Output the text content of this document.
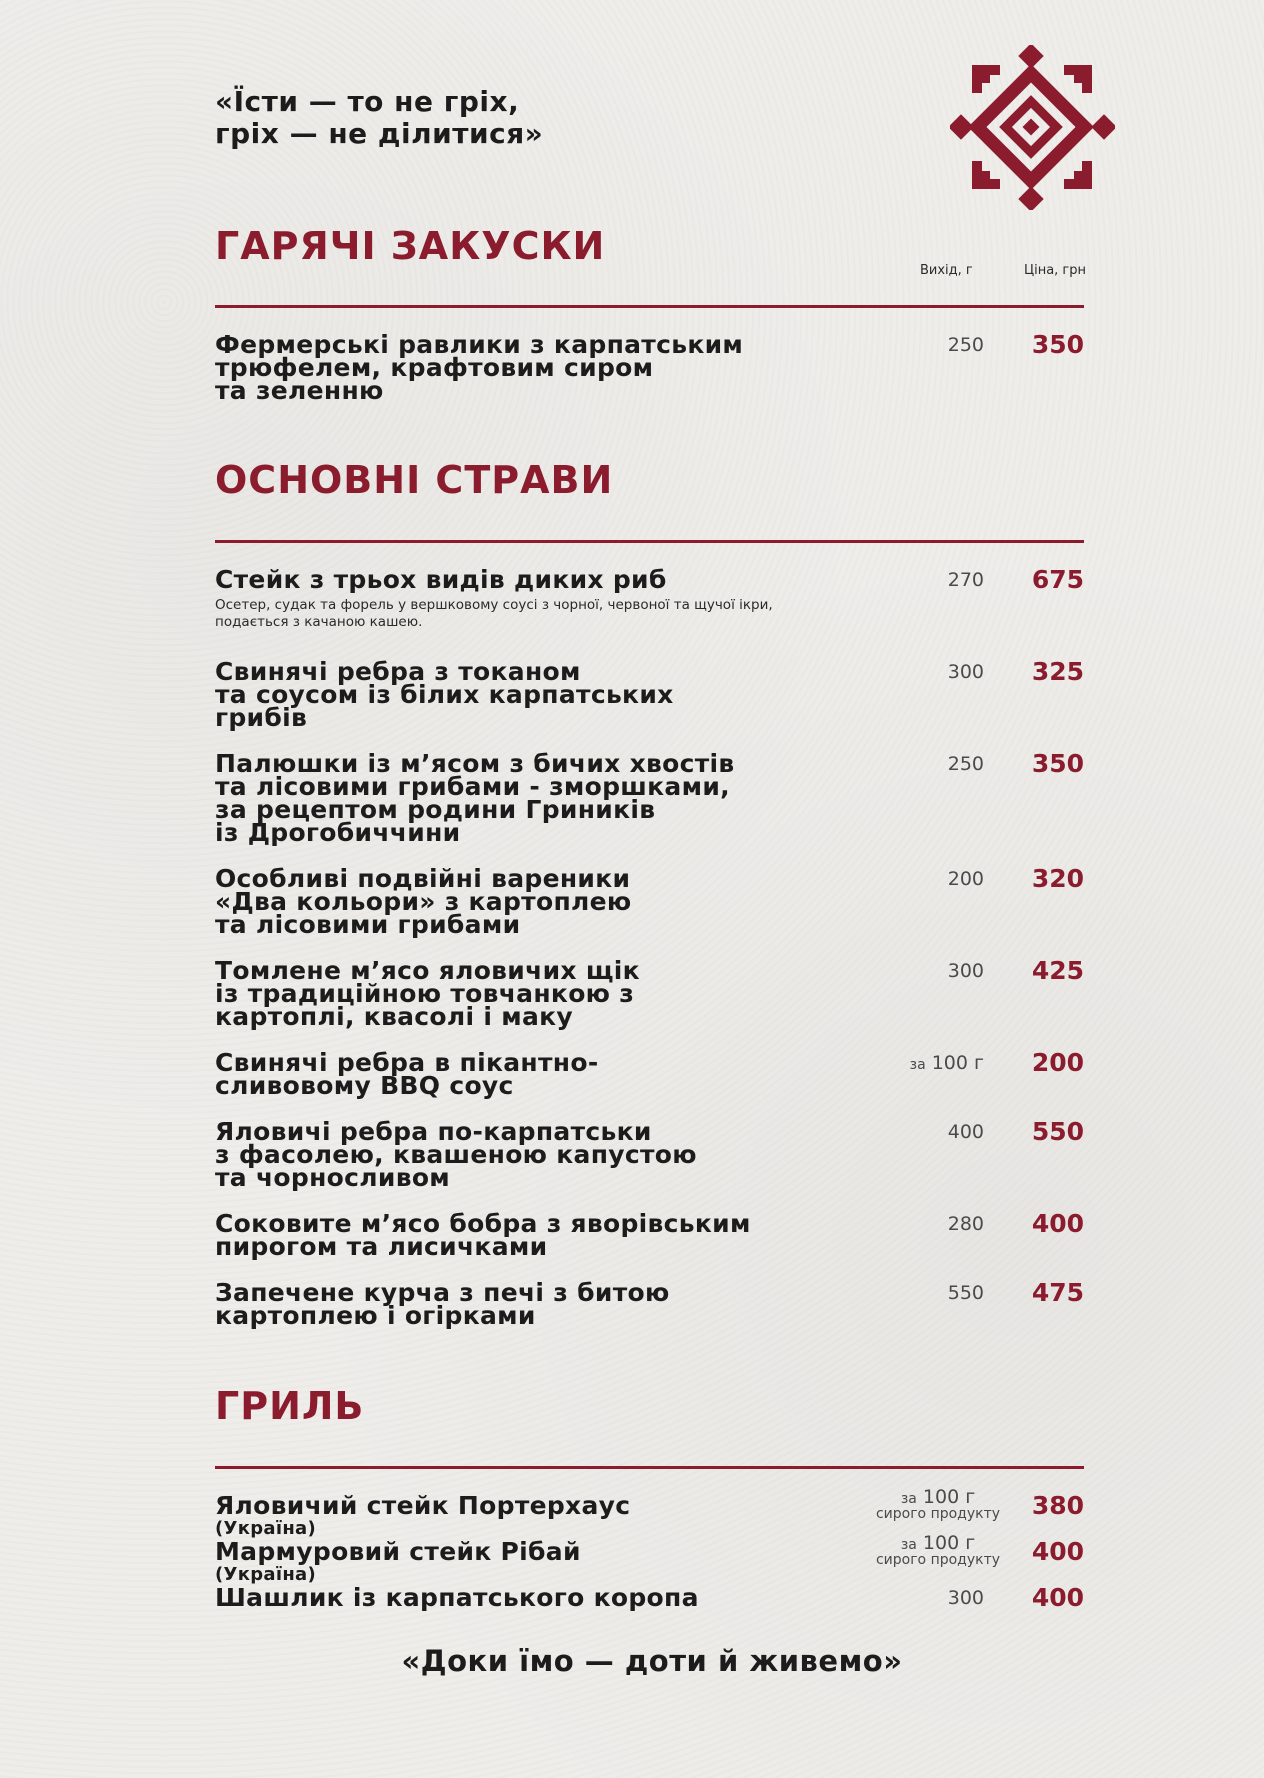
«Їсти — то не гріх,
гріх — не ділитися»
ГАРЯЧІ ЗАКУСКИ
Вихід, г	Ціна, грн
Фермерські равлики з карпатським
трюфелем, крафтовим сиром
та зеленню
250	350
ОСНОВНІ СТРАВИ
Стейк з трьох видів диких риб
Осетер, судак та форель у вершковому соусі з чорної, червоної та щучої ікри,
подається з качаною кашею.
270	675
Свинячі ребра з токаном
та соусом із білих карпатських
грибів
300	325
Палюшки із м’ясом з бичих хвостів
та лісовими грибами - зморшками,
за рецептом родини Гриників
із Дрогобиччини
250	350
Особливі подвійні вареники
«Два кольори» з картоплею
та лісовими грибами
200	320
Томлене м’ясо яловичих щік
із традиційною товчанкою з
картоплі, квасолі і маку
300	425
Свинячі ребра в пікантно-
сливовому BBQ соус
за 100 г	200
Яловичі ребра по-карпатськи
з фасолею, квашеною капустою
та чорносливом
400	550
Соковите м’ясо бобра з яворівським
пирогом та лисичками
280	400
Запечене курча з печі з битою
картоплею і огірками
550	475
ГРИЛЬ
Яловичий стейк Портерхаус
(Україна)
за 100 г
сирого продукту	380
Мармуровий стейк Рібай
(Україна)
за 100 г
сирого продукту	400
Шашлик із карпатського коропа	300	400
«Доки їмо — доти й живемо»
